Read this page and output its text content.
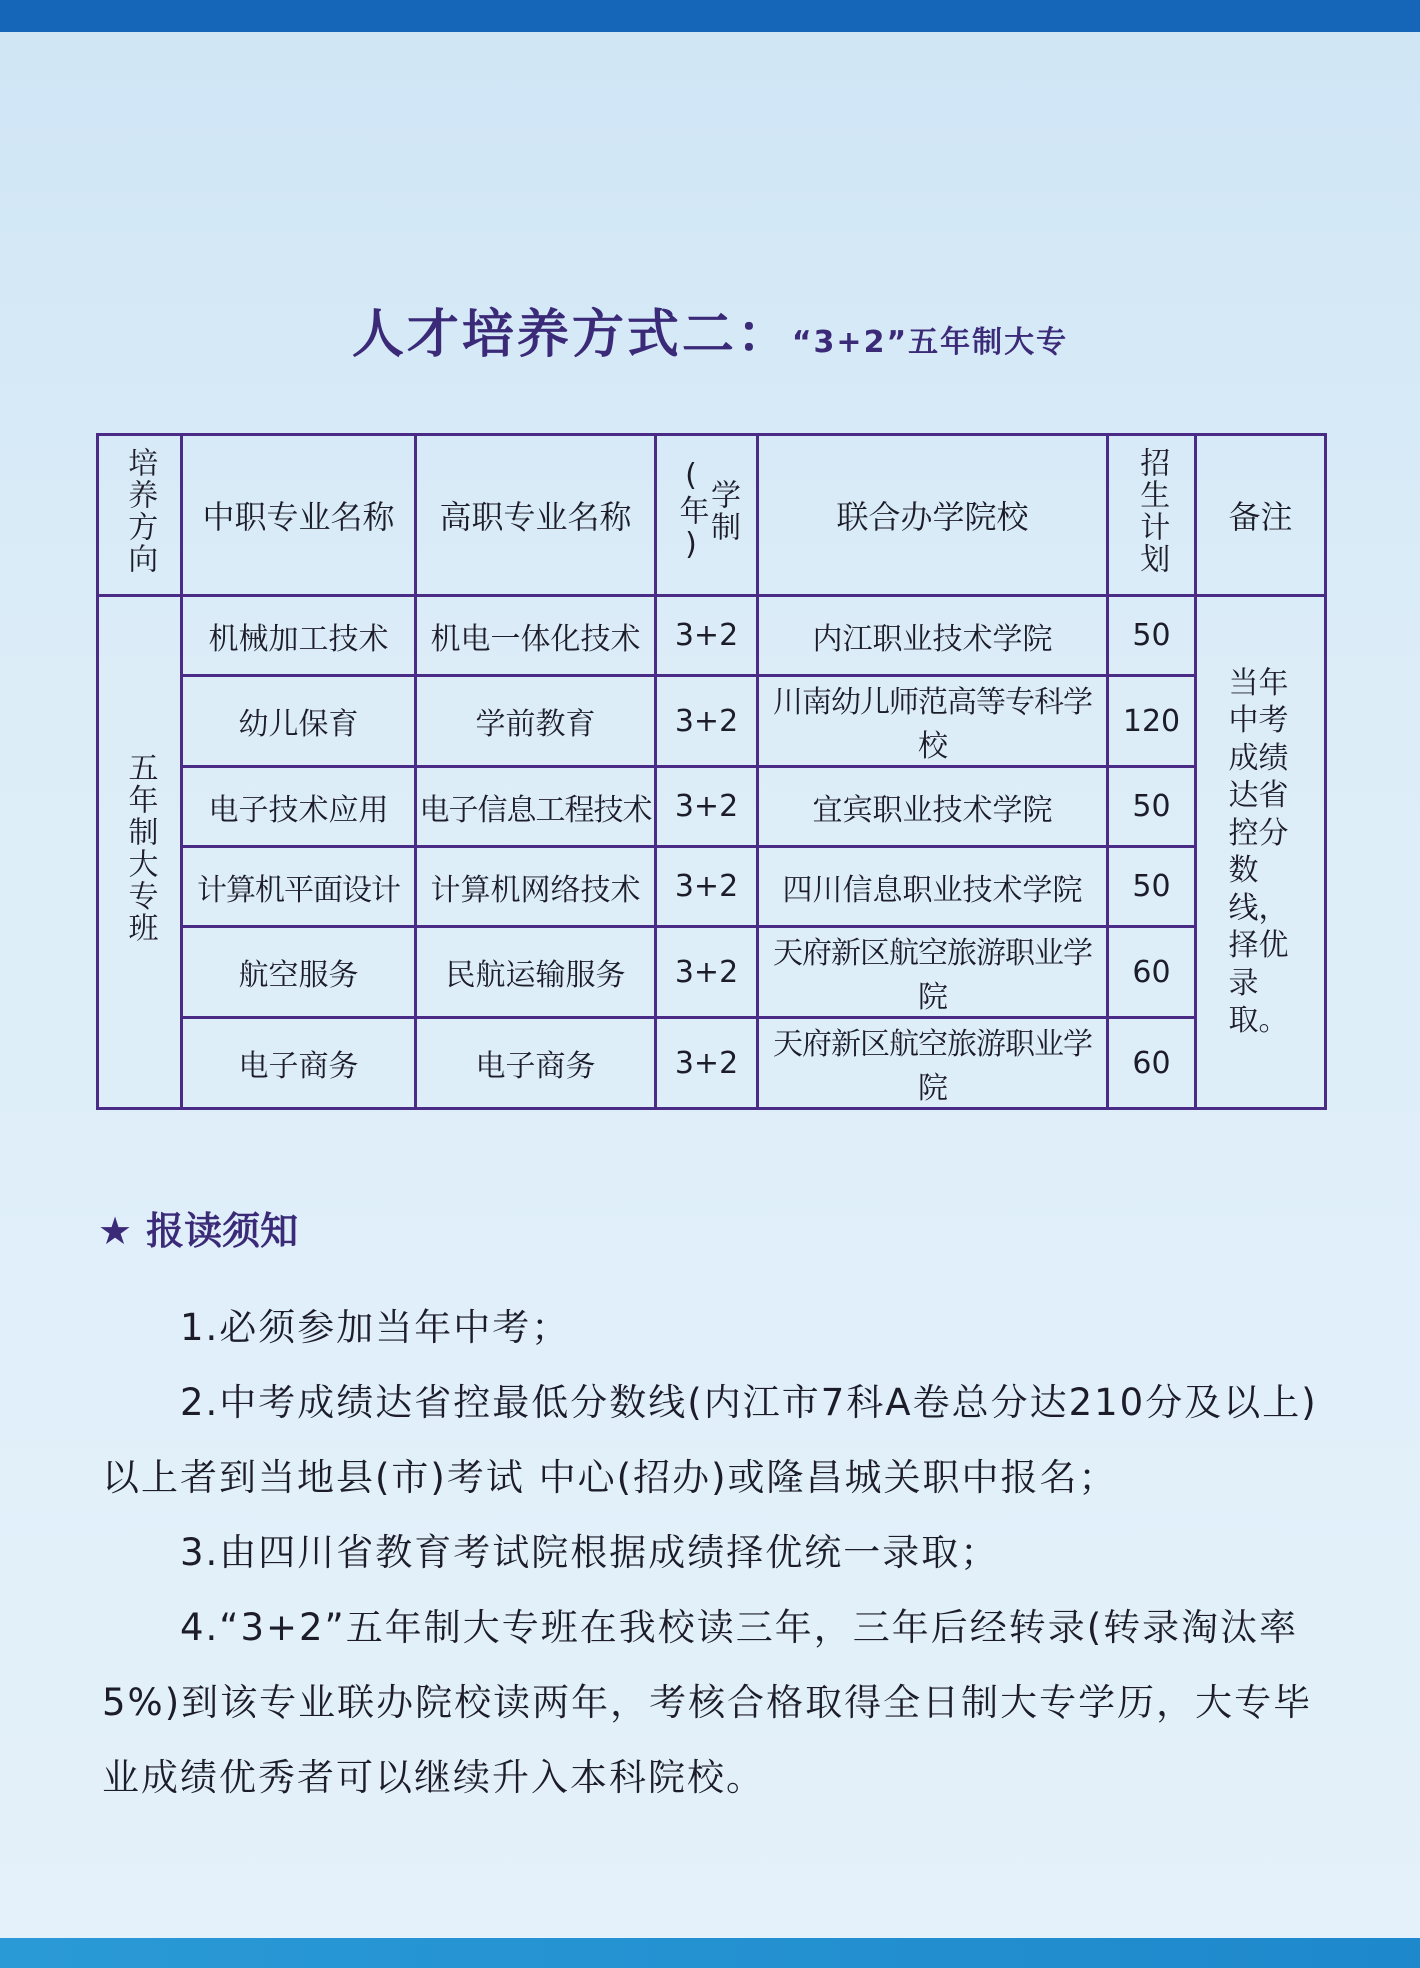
人才培养方式二：“3+2”五年制大专
培养方向	中职专业名称	高职专业名称	学制(年)	联合办学院校	招生计划	备注
五年制大专班	机械加工技术	机电一体化技术	3+2	内江职业技术学院	50	当年中考成绩达省控分数线，择优录取。
	幼儿保育	学前教育	3+2	川南幼儿师范高等专科学校	120	
	电子技术应用	电子信息工程技术	3+2	宜宾职业技术学院	50	
	计算机平面设计	计算机网络技术	3+2	四川信息职业技术学院	50	
	航空服务	民航运输服务	3+2	天府新区航空旅游职业学院	60	
	电子商务	电子商务	3+2	天府新区航空旅游职业学院	60	
★ 报读须知

1.必须参加当年中考；

2.中考成绩达省控最低分数线(内江市7科A卷总分达210分及以上)以上者到当地县(市)考试 中心(招办)或隆昌城关职中报名；

3.由四川省教育考试院根据成绩择优统一录取；

4.“3+2”五年制大专班在我校读三年，三年后经转录(转录淘汰率5%)到该专业联办院校读两年，考核合格取得全日制大专学历，大专毕业成绩优秀者可以继续升入本科院校。
